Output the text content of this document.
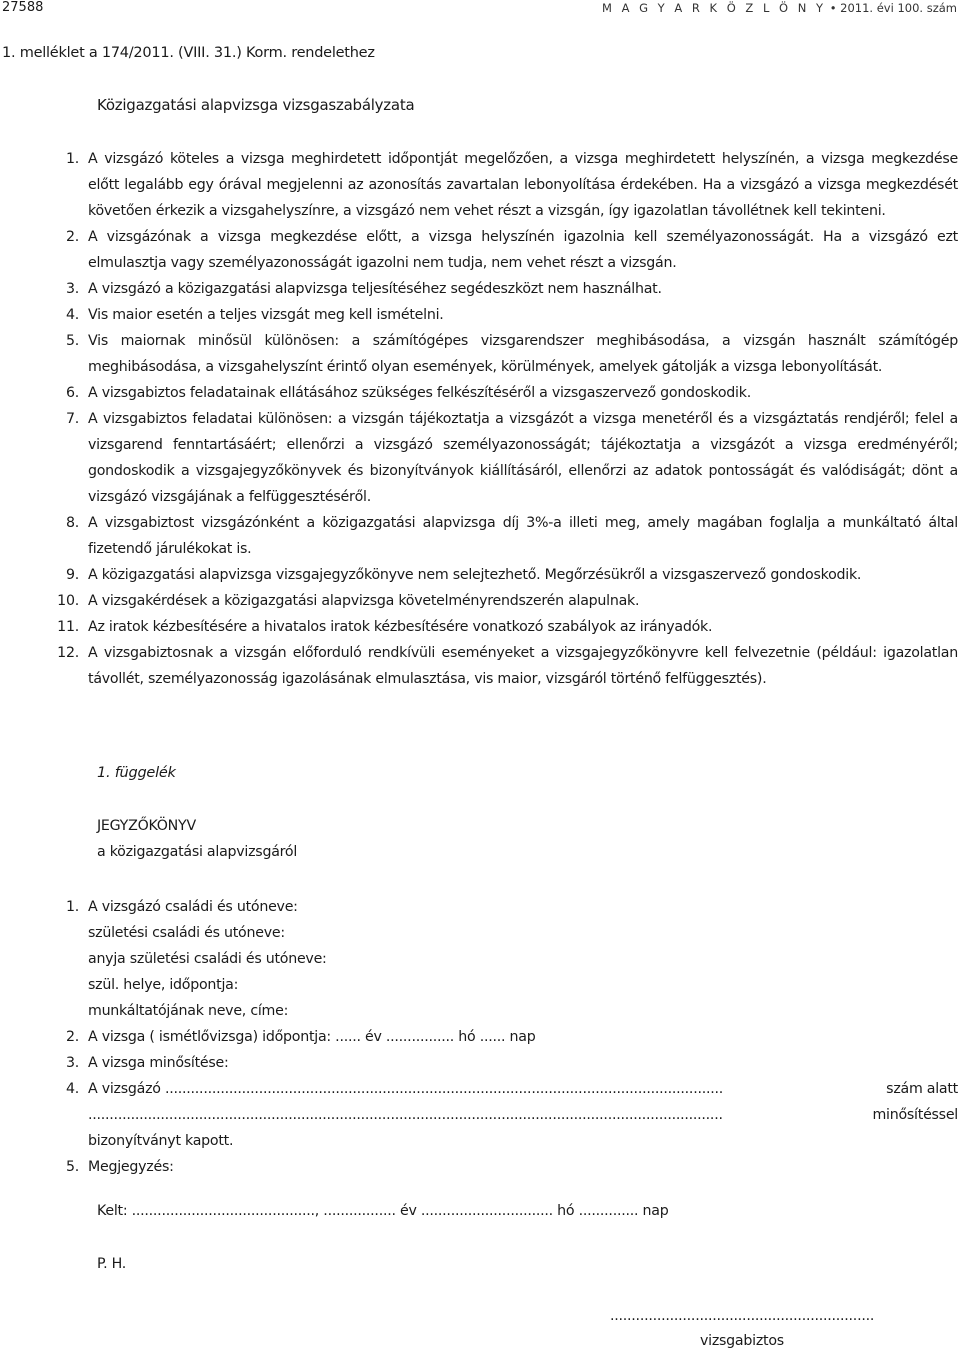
27588	M A G Y A R K Ö Z L Ö N Y • 2011. évi 100. szám
1. melléklet a 174/2011. (VIII. 31.) Korm. rendelethez
Közigazgatási alapvizsga vizsgaszabályzata
1. A vizsgázó köteles a vizsga meghirdetett időpontját megelőzően, a vizsga meghirdetett helyszínén, a vizsga megkezdése előtt legalább egy órával megjelenni az azonosítás zavartalan lebonyolítása érdekében. Ha a vizsgázó a vizsga megkezdését követően érkezik a vizsgahelyszínre, a vizsgázó nem vehet részt a vizsgán, így igazolatlan távollétnek kell tekinteni.
2. A vizsgázónak a vizsga megkezdése előtt, a vizsga helyszínén igazolnia kell személyazonosságát. Ha a vizsgázó ezt elmulasztja vagy személyazonosságát igazolni nem tudja, nem vehet részt a vizsgán.
3. A vizsgázó a közigazgatási alapvizsga teljesítéséhez segédeszközt nem használhat.
4. Vis maior esetén a teljes vizsgát meg kell ismételni.
5. Vis maiornak minősül különösen: a számítógépes vizsgarendszer meghibásodása, a vizsgán használt számítógép meghibásodása, a vizsgahelyszínt érintő olyan események, körülmények, amelyek gátolják a vizsga lebonyolítását.
6. A vizsgabiztos feladatainak ellátásához szükséges felkészítéséről a vizsgaszervező gondoskodik.
7. A vizsgabiztos feladatai különösen: a vizsgán tájékoztatja a vizsgázót a vizsga menetéről és a vizsgáztatás rendjéről; felel a vizsgarend fenntartásáért; ellenőrzi a vizsgázó személyazonosságát; tájékoztatja a vizsgázót a vizsga eredményéről; gondoskodik a vizsgajegyzőkönyvek és bizonyítványok kiállításáról, ellenőrzi az adatok pontosságát és valódiságát; dönt a vizsgázó vizsgájának a felfüggesztéséről.
8. A vizsgabiztost vizsgázónként a közigazgatási alapvizsga díj 3%-a illeti meg, amely magában foglalja a munkáltató által fizetendő járulékokat is.
9. A közigazgatási alapvizsga vizsgajegyzőkönyve nem selejtezhető. Megőrzésükről a vizsgaszervező gondoskodik.
10. A vizsgakérdések a közigazgatási alapvizsga követelményrendszerén alapulnak.
11. Az iratok kézbesítésére a hivatalos iratok kézbesítésére vonatkozó szabályok az irányadók.
12. A vizsgabiztosnak a vizsgán előforduló rendkívüli eseményeket a vizsgajegyzőkönyvre kell felvezetnie (például: igazolatlan távollét, személyazonosság igazolásának elmulasztása, vis maior, vizsgáról történő felfüggesztés).
1. függelék
JEGYZŐKÖNYV
a közigazgatási alapvizsgáról
1. A vizsgázó családi és utóneve:
születési családi és utóneve:
anyja születési családi és utóneve:
szül. helye, időpontja:
munkáltatójának neve, címe:
2. A vizsga ( ismétlővizsga) időpontja: ...... év ................ hó ...... nap
3. A vizsga minősítése:
4. A vizsgázó ...................................................................................................................................	szám alatt
.....................................................................................................................................................	minősítéssel
bizonyítványt kapott.
5. Megjegyzés:
Kelt: ..........................................., ................. év ............................... hó .............. nap
P. H.
..............................................................
vizsgabiztos
